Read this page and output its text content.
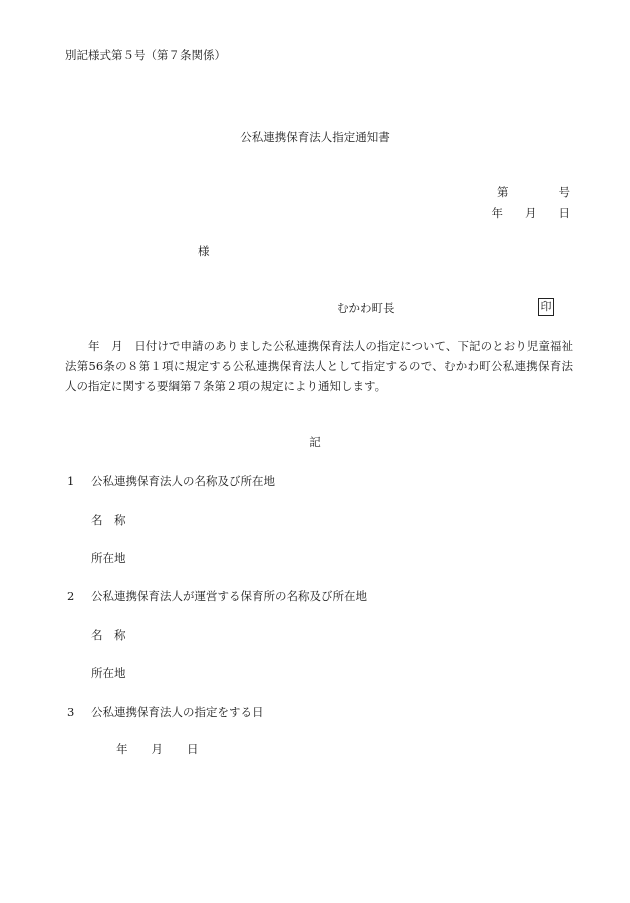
別記様式第５号（第７条関係）
公私連携保育法人指定通知書
第	号
年 月 日
様
むかわ町長	印
年　月　日付けで申請のありました公私連携保育法人の指定について、下記のとおり児童福祉法第56条の８第１項に規定する公私連携保育法人として指定するので、むかわ町公私連携保育法人の指定に関する要綱第７条第２項の規定により通知します。
記
1 公私連携保育法人の名称及び所在地
名　称
所在地
2 公私連携保育法人が運営する保育所の名称及び所在地
名　称
所在地
3 公私連携保育法人の指定をする日
年 月 日
